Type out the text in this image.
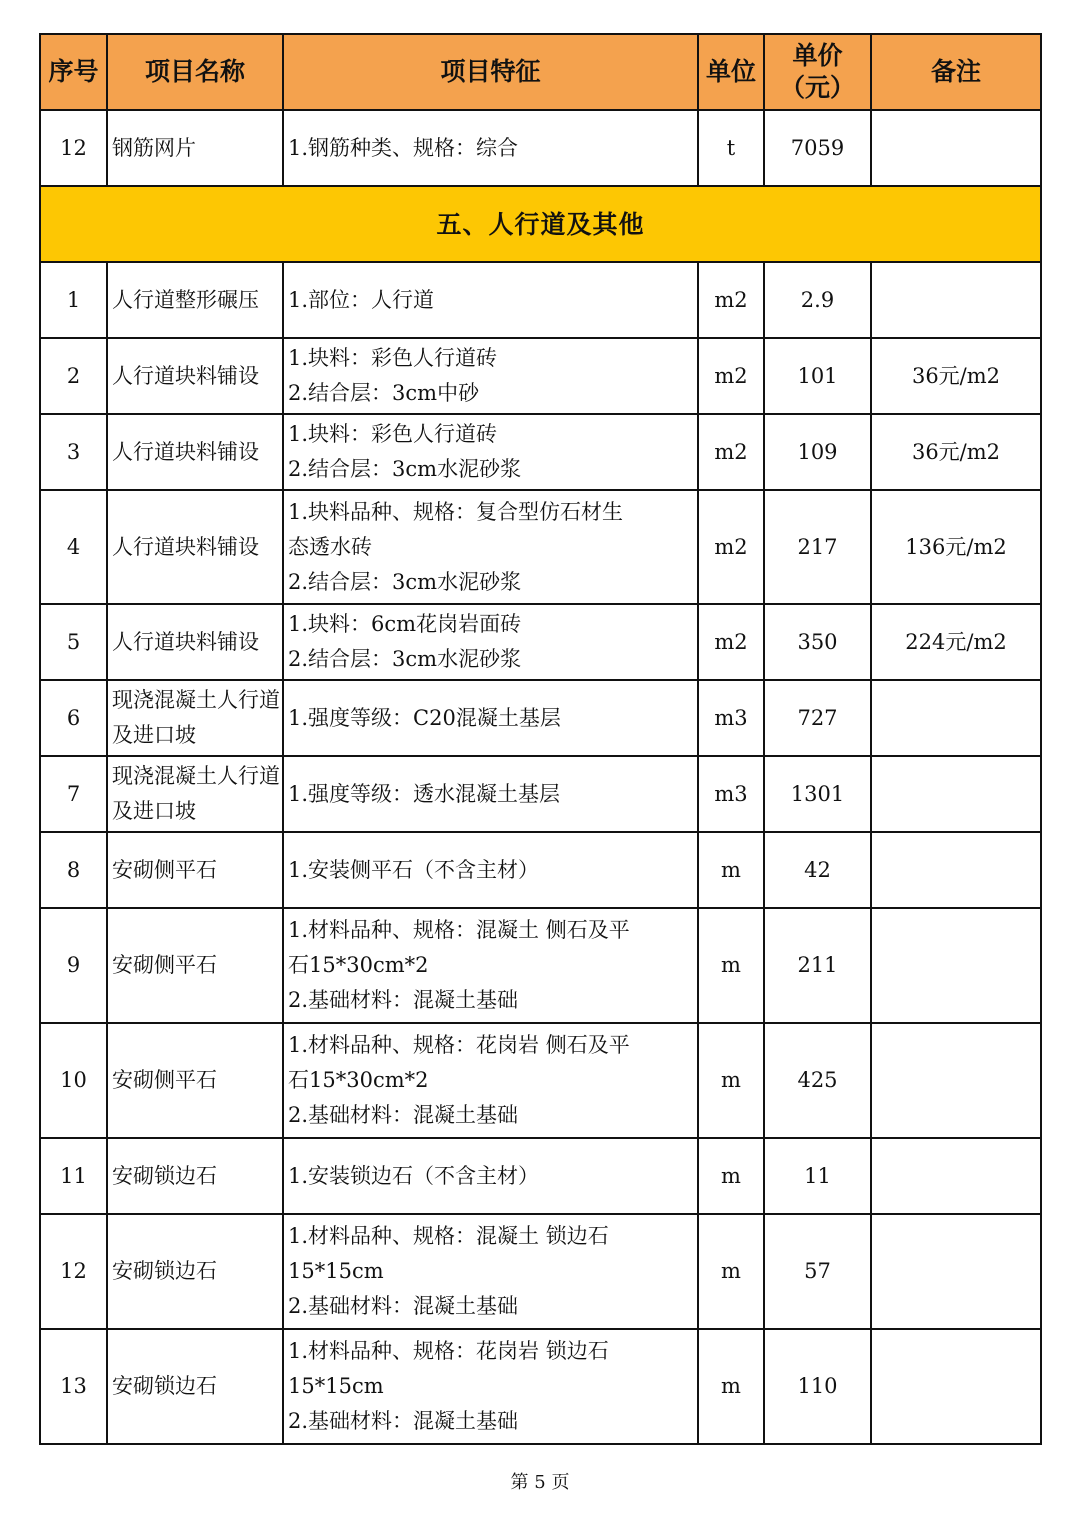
序号	项目名称	项目特征	单位	单价（元）	备注
12	钢筋网片	1.钢筋种类、规格：综合	t	7059	
五、人行道及其他					
1	人行道整形碾压	1.部位：人行道	m2	2.9	
2	人行道块料铺设	1.块料：彩色人行道砖
2.结合层：3cm中砂	m2	101	36元/m2
3	人行道块料铺设	1.块料：彩色人行道砖
2.结合层：3cm水泥砂浆	m2	109	36元/m2
4	人行道块料铺设	1.块料品种、规格：复合型仿石材生
态透水砖
2.结合层：3cm水泥砂浆	m2	217	136元/m2
5	人行道块料铺设	1.块料：6cm花岗岩面砖
2.结合层：3cm水泥砂浆	m2	350	224元/m2
6	现浇混凝土人行道及进口坡	1.强度等级：C20混凝土基层	m3	727	
7	现浇混凝土人行道及进口坡	1.强度等级：透水混凝土基层	m3	1301	
8	安砌侧平石	1.安装侧平石（不含主材）	m	42	
9	安砌侧平石	1.材料品种、规格：混凝土 侧石及平
石15*30cm*2
2.基础材料：混凝土基础	m	211	
10	安砌侧平石	1.材料品种、规格：花岗岩 侧石及平
石15*30cm*2
2.基础材料：混凝土基础	m	425	
11	安砌锁边石	1.安装锁边石（不含主材）	m	11	
12	安砌锁边石	1.材料品种、规格：混凝土 锁边石
15*15cm
2.基础材料：混凝土基础	m	57	
13	安砌锁边石	1.材料品种、规格：花岗岩 锁边石
15*15cm
2.基础材料：混凝土基础	m	110	
第 5 页
